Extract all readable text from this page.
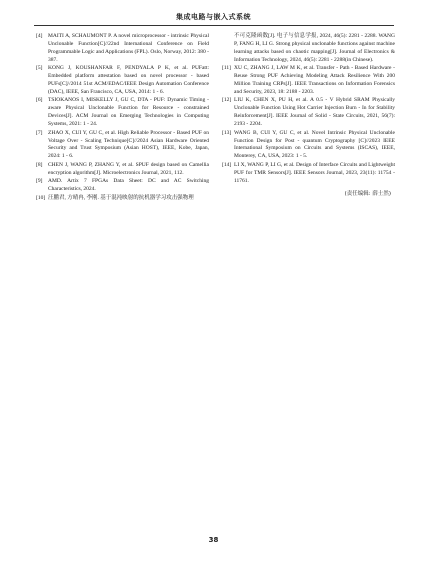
集成电路与嵌入式系统
[4] MAITI A, SCHAUMONT P. A novel microprocessor - intrinsic Physical Unclonable Function[C]//22nd International Conference on Field Programmable Logic and Applications (FPL). Oslo, Norway, 2012: 380 - 387.
[5] KONG J, KOUSHANFAR F, PENDYALA P K, et al. PUFatt: Embedded platform attestation based on novel processor - based PUFs[C]//2014 51st ACM/EDAC/IEEE Design Automation Conference (DAC), IEEE, San Francisco, CA, USA, 2014: 1 - 6.
[6] TSIOKANOS I, MISKELLY J, GU C, DTA - PUF: Dynamic Timing - aware Physical Unclonable Function for Resource - constrained Devices[J]. ACM Journal on Emerging Technologies in Computing Systems, 2021: 1 - 24.
[7] ZHAO X, CUI Y, GU C, et al. High Reliable Processor - Based PUF on Voltage Over - Scaling Technique[C]//2024 Asian Hardware Oriented Security and Trust Symposium (Asian HOST), IEEE, Kobe, Japan, 2024: 1 - 6.
[8] CHEN J, WANG P, ZHANG Y, et al. SPUF design based on Camellia encryption algorithm[J]. Microelectronics Journal, 2021, 112.
[9] AMD. Artix 7 FPGAs Data Sheet: DC and AC Switching Characteristics, 2024.
[10] 汪鹏君, 方晴冉, 李刚. 基于混沌映射的抗机器学习攻击强物理
不可克隆函数[J]. 电子与信息学报, 2024, 46(5): 2281 - 2288. WANG P, FANG H, LI G. Strong physical unclonable functions against machine learning attacks based on chaotic mapping[J]. Journal of Electronics & Information Technology, 2024, 46(5): 2281 - 2288(in Chinese).
[11] XU C, ZHANG J, LAW M K, et al. Transfer - Path - Based Hardware - Reuse Strong PUF Achieving Modeling Attack Resilience With 200 Million Training CRPs[J]. IEEE Transactions on Information Forensics and Security, 2023, 18: 2188 - 2203.
[12] LIU K, CHEN X, PU H, et al. A 0.5 - V Hybrid SRAM Physically Unclonable Function Using Hot Carrier Injection Burn - In for Stability Reinforcement[J]. IEEE Journal of Solid - State Circuits, 2021, 56(7): 2193 - 2204.
[13] WANG B, CUI Y, GU C, et al. Novel Intrinsic Physical Unclonable Function Design for Post - quantum Cryptography [C]//2023 IEEE International Symposium on Circuits and Systems (ISCAS), IEEE, Monterey, CA, USA, 2023: 1 - 5.
[14] LI X, WANG P, LI G, et al. Design of Interface Circuits and Lightweight PUF for TMR Sensors[J]. IEEE Sensors Journal, 2023, 23(11): 11754 - 11761.
(责任编辑: 薛士然)
38
